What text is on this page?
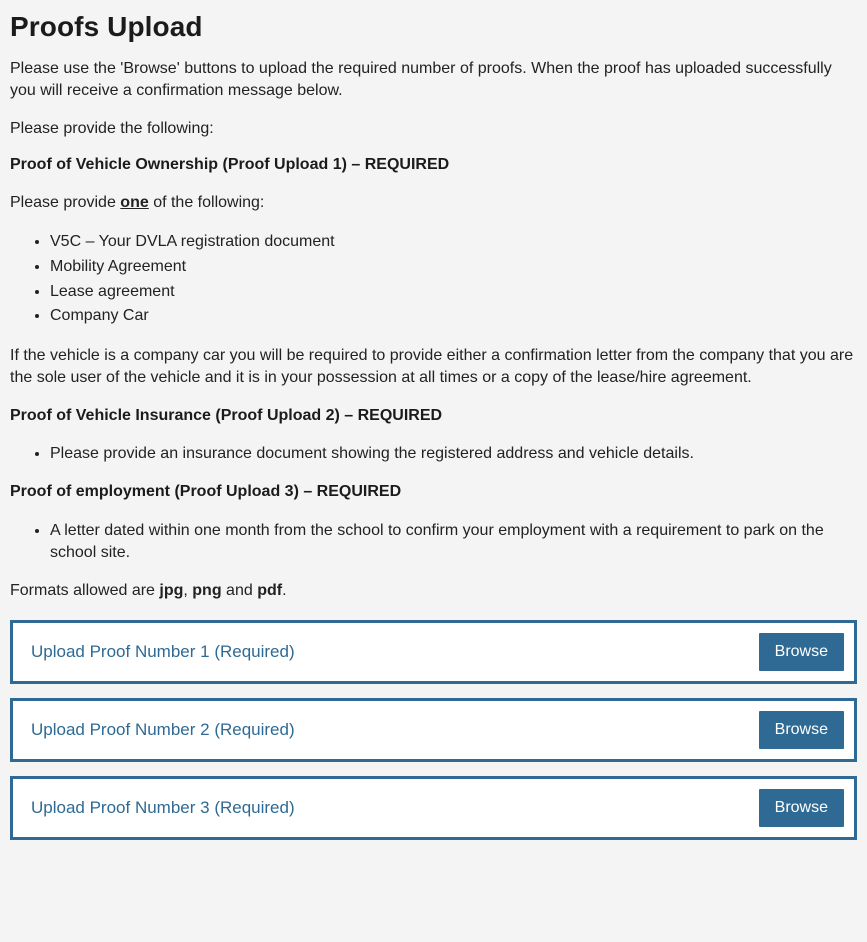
Proofs Upload

Please use the 'Browse' buttons to upload the required number of proofs. When the proof has uploaded successfully you will receive a confirmation message below.

Please provide the following:

Proof of Vehicle Ownership (Proof Upload 1) – REQUIRED

Please provide one of the following:

• V5C – Your DVLA registration document
• Mobility Agreement
• Lease agreement
• Company Car

If the vehicle is a company car you will be required to provide either a confirmation letter from the company that you are the sole user of the vehicle and it is in your possession at all times or a copy of the lease/hire agreement.

Proof of Vehicle Insurance (Proof Upload 2) – REQUIRED

• Please provide an insurance document showing the registered address and vehicle details.

Proof of employment (Proof Upload 3) – REQUIRED

• A letter dated within one month from the school to confirm your employment with a requirement to park on the school site.

Formats allowed are jpg, png and pdf.

Upload Proof Number 1 (Required)	Browse
Upload Proof Number 2 (Required)	Browse
Upload Proof Number 3 (Required)	Browse
